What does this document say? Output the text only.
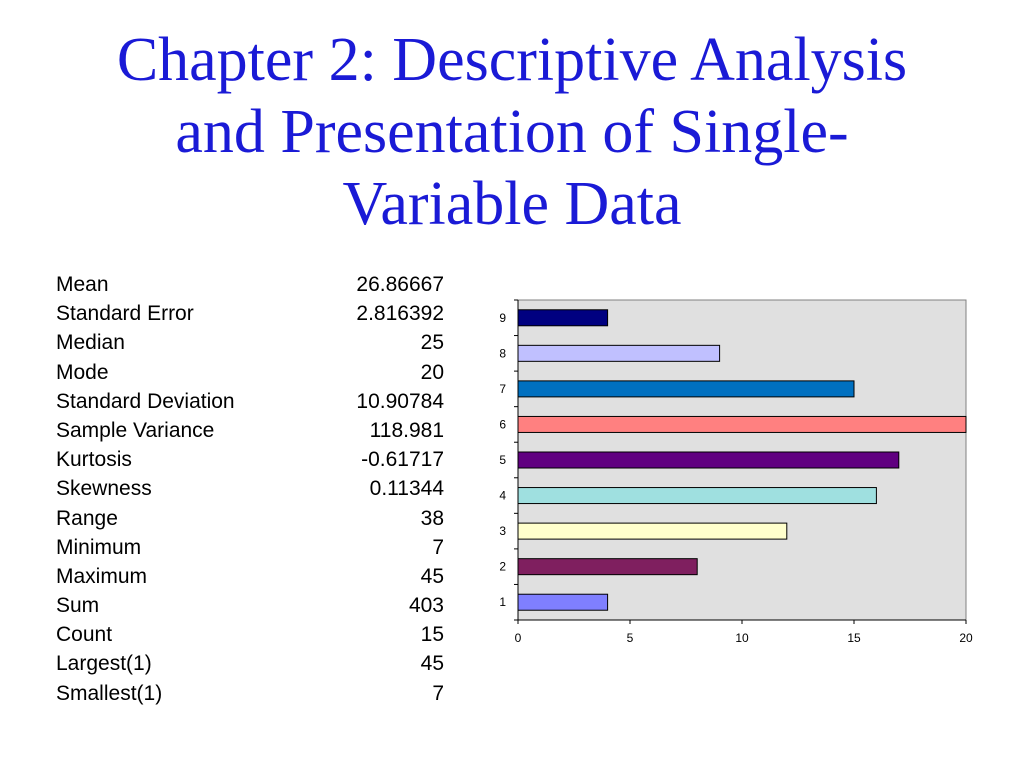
Chapter 2: Descriptive Analysis
and Presentation of Single-
Variable Data
Mean	26.86667
Standard Error	2.816392
Median	25
Mode	20
Standard Deviation	10.90784
Sample Variance	118.981
Kurtosis	-0.61717
Skewness	0.11344
Range	38
Minimum	7
Maximum	45
Sum	403
Count	15
Largest(1)	45
Smallest(1)	7
0	5	10	15	20
1
2
3
4
5
6
7
8
9
